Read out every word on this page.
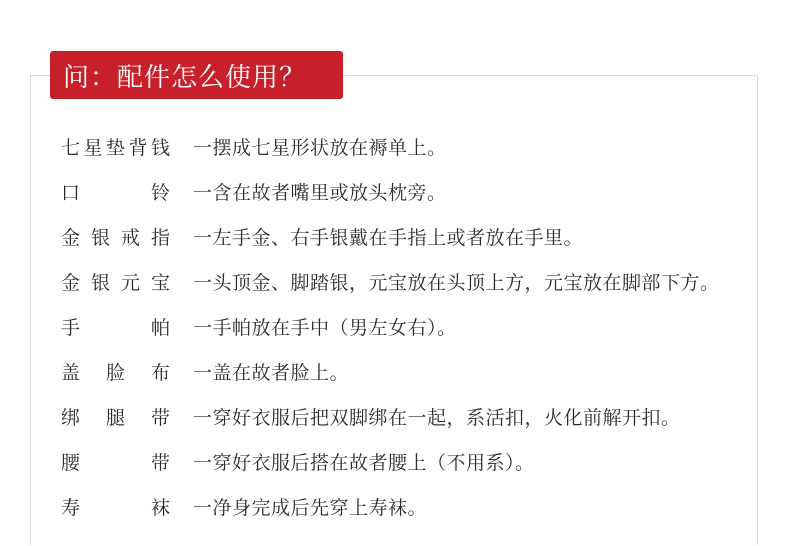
问：配件怎么使用？
七 星 垫 背 钱 一摆成七星形状放在褥单上。
口	铃 一含在故者嘴里或放头枕旁。
金 银 戒 指 一左手金、右手银戴在手指上或者放在手里。
金 银 元 宝 一头顶金、脚踏银，元宝放在头顶上方，元宝放在脚部下方。
手	帕 一手帕放在手中（男左女右）。
盖 脸 布 一盖在故者脸上。
绑 腿 带 一穿好衣服后把双脚绑在一起，系活扣，火化前解开扣。
腰	带 一穿好衣服后搭在故者腰上（不用系）。
寿	袜 一净身完成后先穿上寿袜。
